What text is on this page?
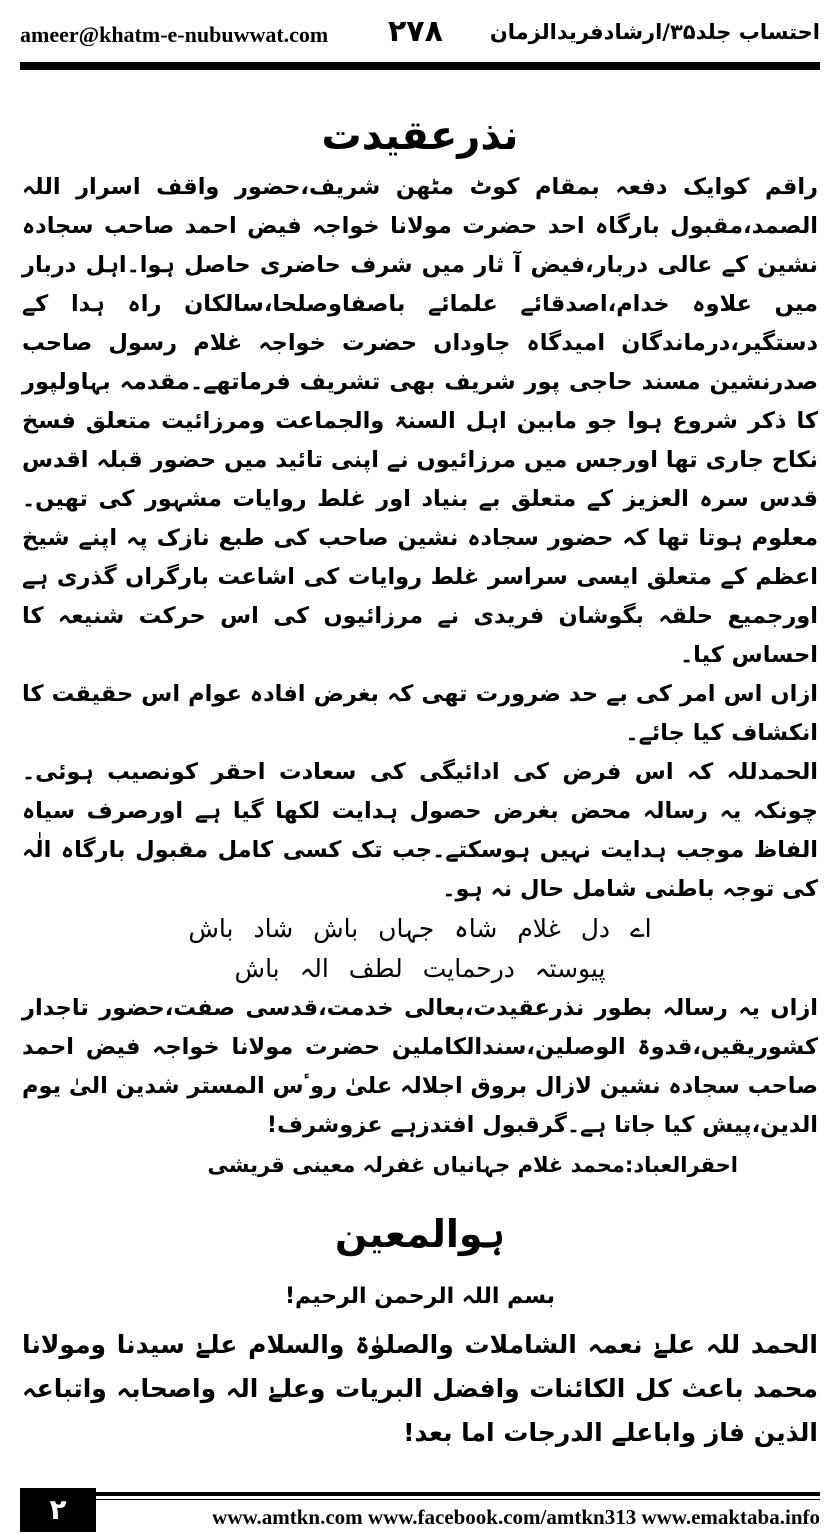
ameer@khatm-e-nubuwwat.com ۲۷۸ احتساب جلد۳۵/ارشادفریدالزمان
نذرعقیدت

راقم کوایک دفعہ بمقام کوٹ مٹھن شریف،حضور واقف اسرار اللہ الصمد،مقبول بارگاہ احد حضرت مولانا خواجہ فیض احمد صاحب سجادہ نشین کے عالی دربار،فیض آ ثار میں شرف حاضری حاصل ہوا۔اہل دربار میں علاوہ خدام،اصدقائے علمائے باصفاوصلحا،سالکان راہ ہدا کے دستگیر،درماندگان امیدگاہ جاوداں حضرت خواجہ غلام رسول صاحب صدرنشین مسند حاجی پور شریف بھی تشریف فرماتھے۔مقدمہ بہاولپور کا ذکر شروع ہوا جو مابین اہل السنۃ والجماعت ومرزائیت متعلق فسخ نکاح جاری تھا اورجس میں مرزائیوں نے اپنی تائید میں حضور قبلہ اقدس قدس سرہ العزیز کے متعلق بے بنیاد اور غلط روایات مشہور کی تھیں۔معلوم ہوتا تھا کہ حضور سجادہ نشین صاحب کی طبع نازک پہ اپنے شیخ اعظم کے متعلق ایسی سراسر غلط روایات کی اشاعت بارگراں گذری ہے اورجمیع حلقہ بگوشان فریدی نے مرزائیوں کی اس حرکت شنیعہ کا احساس کیا۔

ازاں اس امر کی بے حد ضرورت تھی کہ بغرض افادہ عوام اس حقیقت کا انکشاف کیا جائے۔

الحمدللہ کہ اس فرض کی ادائیگی کی سعادت احقر کونصیب ہوئی۔چونکہ یہ رسالہ محض بغرض حصول ہدایت لکھا گیا ہے اورصرف سیاہ الفاظ موجب ہدایت نہیں ہوسکتے۔جب تک کسی کامل مقبول بارگاہ الٰہ کی توجہ باطنی شامل حال نہ ہو۔

اے دل غلام شاہ جہاں باش شاد باش

پیوستہ درحمایت لطف الہ باش

ازاں یہ رسالہ بطور نذرعقیدت،بعالی خدمت،قدسی صفت،حضور تاجدار کشوریقیں،قدوۃ الوصلین،سندالکاملین حضرت مولانا خواجہ فیض احمد صاحب سجادہ نشین لازال بروق اجلالہ علیٰ روٴس المستر شدین الیٰ یوم الدین،پیش کیا جاتا ہے۔گرقبول افتدزہے عزوشرف!

احقرالعباد:محمد غلام جہانیاں غفرلہ معینی قریشی

ہوالمعین
بسم اللہ الرحمن الرحیم!

الحمد للہ علےٰ نعمہ الشاملات والصلوٰۃ والسلام علےٰ سیدنا ومولانا محمد باعث کل الکائنات وافضل البریات وعلےٰ الہ واصحابہ واتباعہ الذین فاز واباعلے الدرجات اما بعد!

۲	www.amtkn.com www.facebook.com/amtkn313 www.emaktaba.info
